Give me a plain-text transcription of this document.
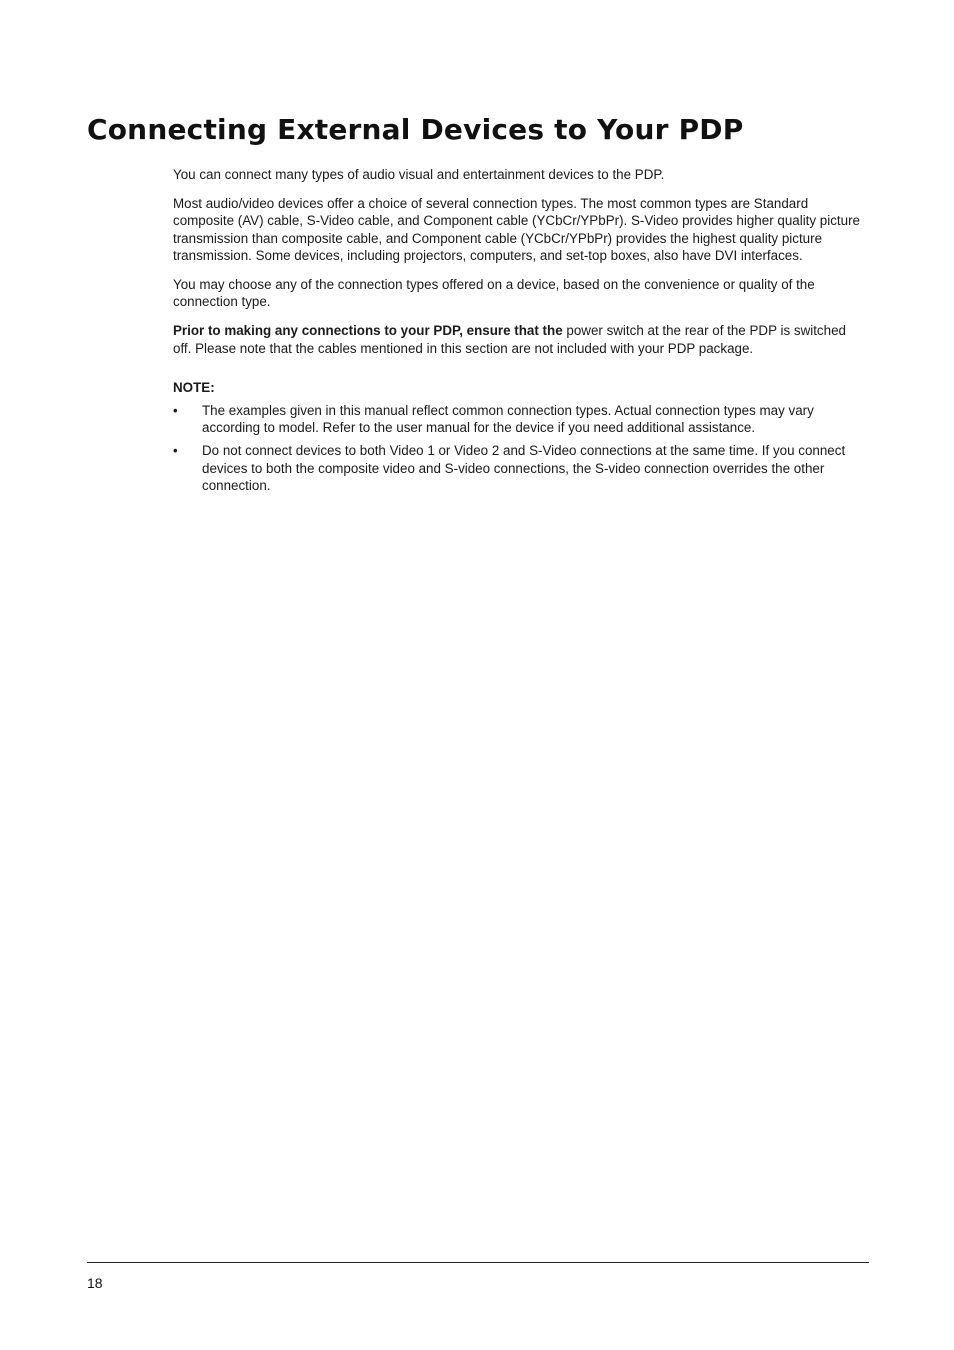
Connecting External Devices to Your PDP

You can connect many types of audio visual and entertainment devices to the PDP.

Most audio/video devices offer a choice of several connection types. The most common types are Standard composite (AV) cable, S-Video cable, and Component cable (YCbCr/YPbPr). S-Video provides higher quality picture transmission than composite cable, and Component cable (YCbCr/YPbPr) provides the highest quality picture transmission. Some devices, including projectors, computers, and set-top boxes, also have DVI interfaces.

You may choose any of the connection types offered on a device, based on the convenience or quality of the connection type.

Prior to making any connections to your PDP, ensure that the power switch at the rear of the PDP is switched off. Please note that the cables mentioned in this section are not included with your PDP package.

NOTE:
• The examples given in this manual reflect common connection types. Actual connection types may vary according to model. Refer to the user manual for the device if you need additional assistance.
• Do not connect devices to both Video 1 or Video 2 and S-Video connections at the same time. If you connect devices to both the composite video and S-video connections, the S-video connection overrides the other connection.
18
